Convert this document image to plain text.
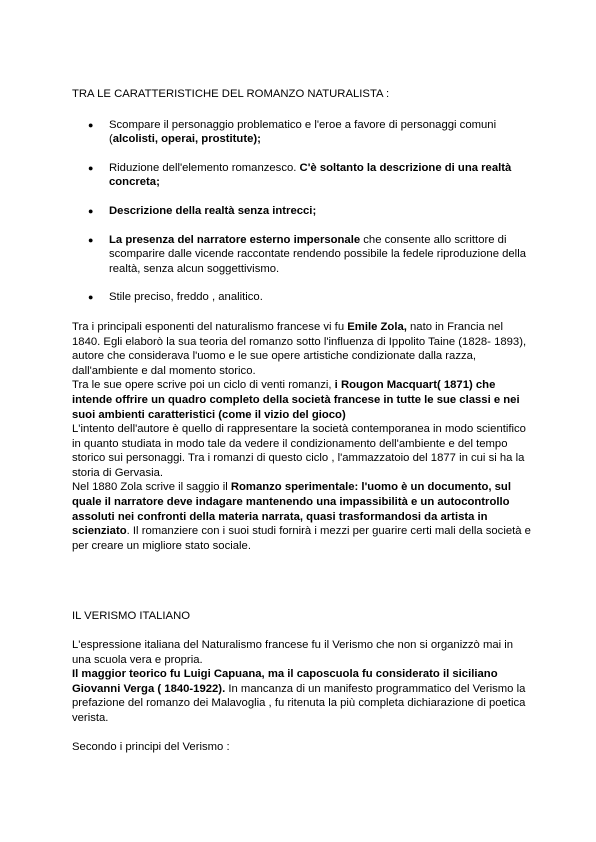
TRA LE CARATTERISTICHE DEL ROMANZO NATURALISTA :

● Scompare il personaggio problematico e l'eroe a favore di personaggi comuni (alcolisti, operai, prostitute);
● Riduzione dell'elemento romanzesco. C'è soltanto la descrizione di una realtà concreta;
● Descrizione della realtà senza intrecci;
● La presenza del narratore esterno impersonale che consente allo scrittore di scomparire dalle vicende raccontate rendendo possibile la fedele riproduzione della realtà, senza alcun soggettivismo.
● Stile preciso, freddo , analitico.
Tra i principali esponenti del naturalismo francese vi fu Emile Zola, nato in Francia nel 1840. Egli elaborò la sua teoria del romanzo sotto l'influenza di Ippolito Taine (1828- 1893), autore che considerava l'uomo e le sue opere artistiche condizionate dalla razza, dall'ambiente e dal momento storico.
Tra le sue opere scrive poi un ciclo di venti romanzi, i Rougon Macquart( 1871) che intende offrire un quadro completo della società francese in tutte le sue classi e nei suoi ambienti caratteristici (come il vizio del gioco)
L'intento dell'autore è quello di rappresentare la società contemporanea in modo scientifico in quanto studiata in modo tale da vedere il condizionamento dell'ambiente e del tempo storico sui personaggi. Tra i romanzi di questo ciclo , l'ammazzatoio del 1877 in cui si ha la storia di Gervasia.
Nel 1880 Zola scrive il saggio il Romanzo sperimentale: l'uomo è un documento, sul quale il narratore deve indagare mantenendo una impassibilità e un autocontrollo assoluti nei confronti della materia narrata, quasi trasformandosi da artista in scienziato. Il romanziere con i suoi studi fornirà i mezzi per guarire certi mali della società e per creare un migliore stato sociale.

IL VERISMO ITALIANO

L'espressione italiana del Naturalismo francese fu il Verismo che non si organizzò mai in una scuola vera e propria.
Il maggior teorico fu Luigi Capuana, ma il caposcuola fu considerato il siciliano Giovanni Verga ( 1840-1922). In mancanza di un manifesto programmatico del Verismo la prefazione del romanzo dei Malavoglia , fu ritenuta la più completa dichiarazione di poetica verista.

Secondo i principi del Verismo :
